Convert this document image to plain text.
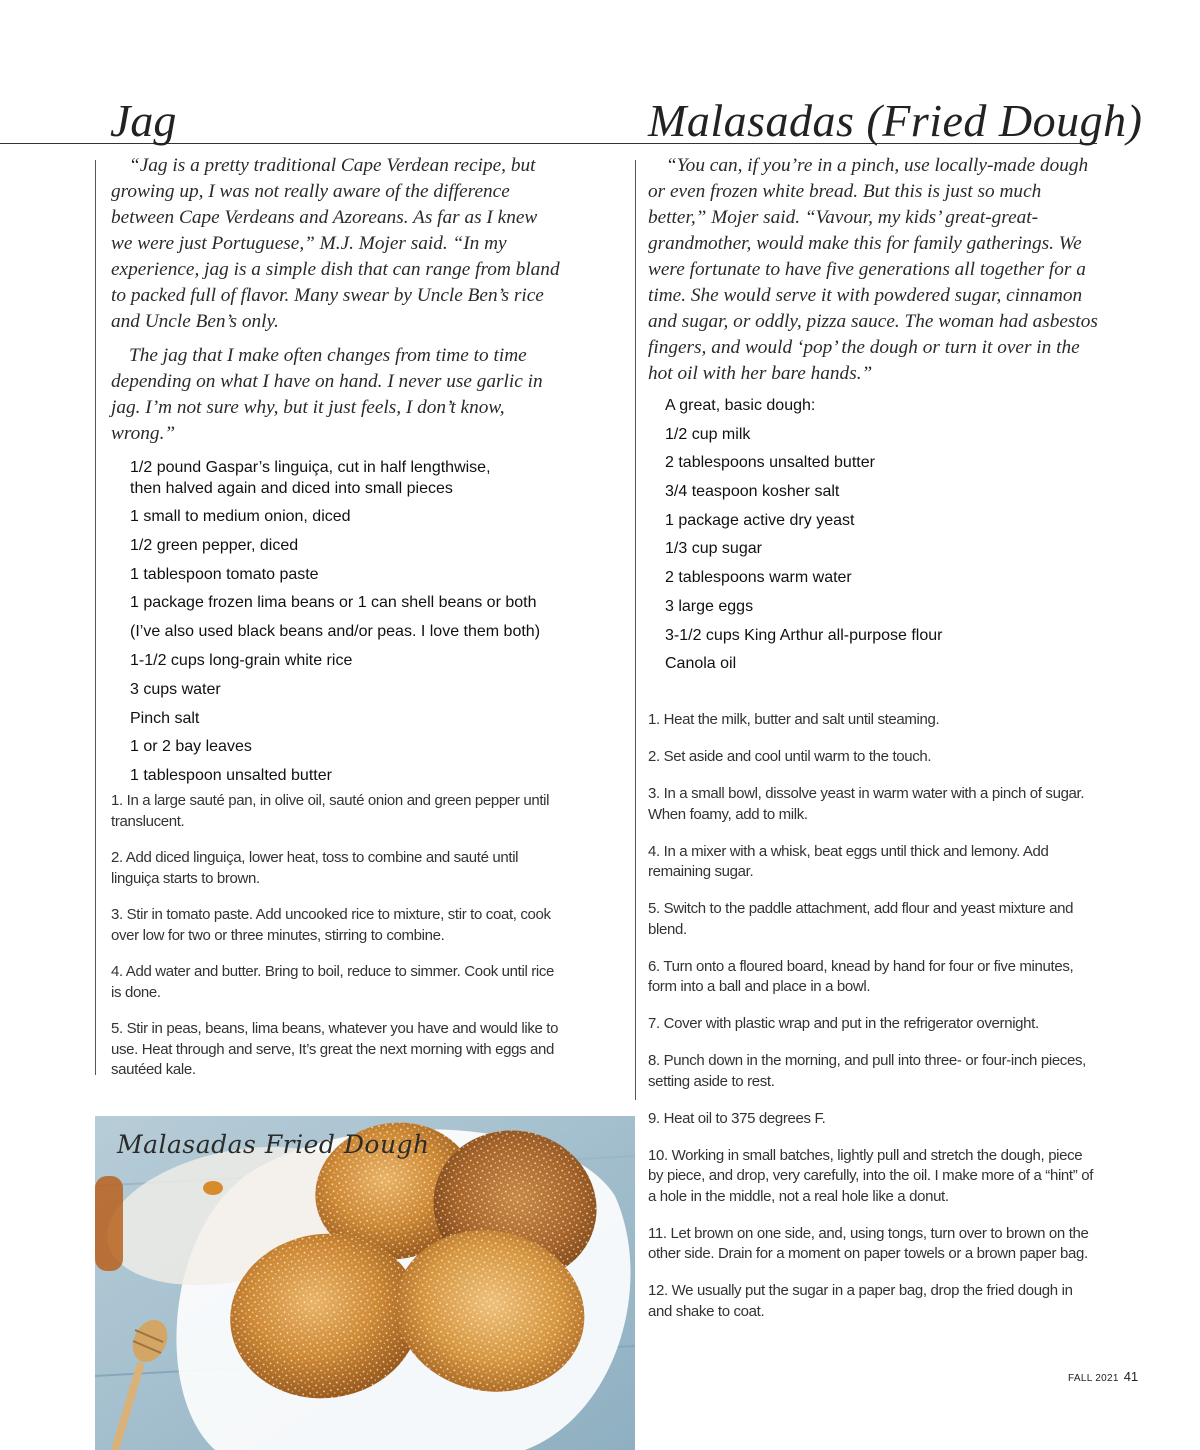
Jag	Malasadas (Fried Dough)

“Jag is a pretty traditional Cape Verdean recipe, but growing up, I was not really aware of the difference between Cape Verdeans and Azoreans. As far as I knew we were just Portuguese,” M.J. Mojer said. “In my experience, jag is a simple dish that can range from bland to packed full of flavor. Many swear by Uncle Ben’s rice and Uncle Ben’s only.

The jag that I make often changes from time to time depending on what I have on hand. I never use garlic in jag. I’m not sure why, but it just feels, I don’t know, wrong.”

“You can, if you’re in a pinch, use locally-made dough or even frozen white bread. But this is just so much better,” Mojer said. “Vavour, my kids’ great-great-grandmother, would make this for family gatherings. We were fortunate to have five generations all together for a time. She would serve it with powdered sugar, cinnamon and sugar, or oddly, pizza sauce. The woman had asbestos fingers, and would ‘pop’ the dough or turn it over in the hot oil with her bare hands.”

1/2 pound Gaspar’s linguiça, cut in half lengthwise, then halved again and diced into small pieces
1 small to medium onion, diced
1/2 green pepper, diced
1 tablespoon tomato paste
1 package frozen lima beans or 1 can shell beans or both
(I’ve also used black beans and/or peas. I love them both)
1-1/2 cups long-grain white rice
3 cups water
Pinch salt
1 or 2 bay leaves
1 tablespoon unsalted butter
1. In a large sauté pan, in olive oil, sauté onion and green pepper until translucent.
2. Add diced linguiça, lower heat, toss to combine and sauté until linguiça starts to brown.
3. Stir in tomato paste. Add uncooked rice to mixture, stir to coat, cook over low for two or three minutes, stirring to combine.
4. Add water and butter. Bring to boil, reduce to simmer. Cook until rice is done.
5. Stir in peas, beans, lima beans, whatever you have and would like to use. Heat through and serve, It’s great the next morning with eggs and sautéed kale.
A great, basic dough:
1/2 cup milk
2 tablespoons unsalted butter
3/4 teaspoon kosher salt
1 package active dry yeast
1/3 cup sugar
2 tablespoons warm water
3 large eggs
3-1/2 cups King Arthur all-purpose flour
Canola oil
1. Heat the milk, butter and salt until steaming.
2. Set aside and cool until warm to the touch.
3. In a small bowl, dissolve yeast in warm water with a pinch of sugar. When foamy, add to milk.
4. In a mixer with a whisk, beat eggs until thick and lemony. Add remaining sugar.
5. Switch to the paddle attachment, add flour and yeast mixture and blend.
6. Turn onto a floured board, knead by hand for four or five minutes, form into a ball and place in a bowl.
7. Cover with plastic wrap and put in the refrigerator overnight.
8. Punch down in the morning, and pull into three- or four-inch pieces, setting aside to rest.
9. Heat oil to 375 degrees F.
10. Working in small batches, lightly pull and stretch the dough, piece by piece, and drop, very carefully, into the oil. I make more of a “hint” of a hole in the middle, not a real hole like a donut.
11. Let brown on one side, and, using tongs, turn over to brown on the other side. Drain for a moment on paper towels or a brown paper bag.
12. We usually put the sugar in a paper bag, drop the fried dough in and shake to coat.

Malasadas Fried Dough

FALL 2021 41
